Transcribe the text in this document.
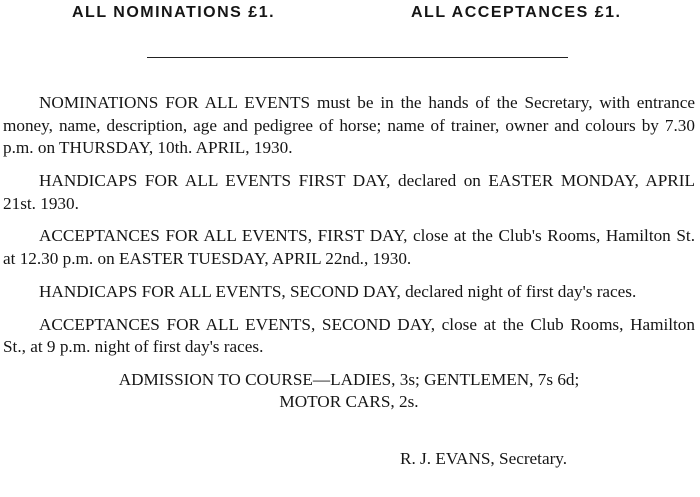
ALL NOMINATIONS £1.	ALL ACCEPTANCES £1.

NOMINATIONS FOR ALL EVENTS must be in the hands of the Secretary, with entrance money, name, description, age and pedigree of horse; name of trainer, owner and colours by 7.30 p.m. on THURSDAY, 10th. APRIL, 1930.

HANDICAPS FOR ALL EVENTS FIRST DAY, declared on EASTER MONDAY, APRIL 21st. 1930.

ACCEPTANCES FOR ALL EVENTS, FIRST DAY, close at the Club's Rooms, Hamilton St. at 12.30 p.m. on EASTER TUESDAY, APRIL 22nd., 1930.

HANDICAPS FOR ALL EVENTS, SECOND DAY, declared night of first day's races.

ACCEPTANCES FOR ALL EVENTS, SECOND DAY, close at the Club Rooms, Hamilton St., at 9 p.m. night of first day's races.

ADMISSION TO COURSE—LADIES, 3s; GENTLEMEN, 7s 6d;

MOTOR CARS, 2s.

R. J. EVANS, Secretary.
